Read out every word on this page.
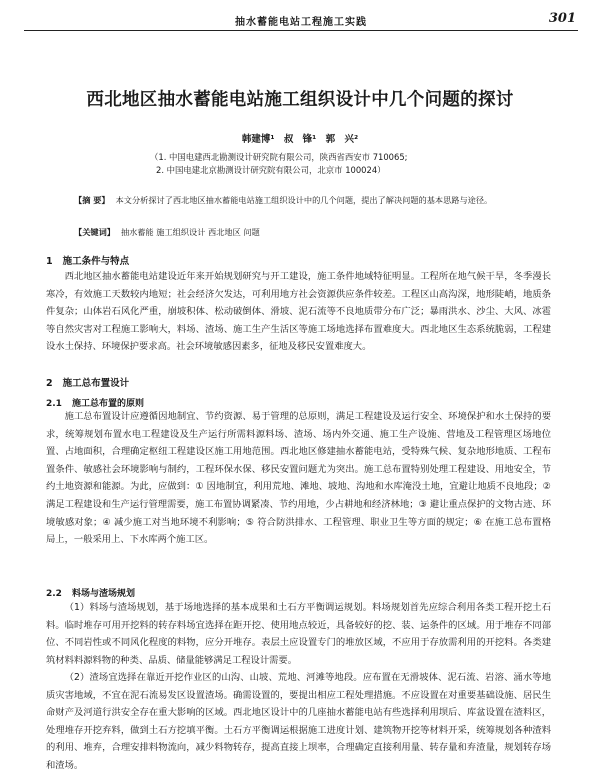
抽水蓄能电站工程施工实践	301
西北地区抽水蓄能电站施工组织设计中几个问题的探讨
韩建博¹ 叔 锋¹ 郭 兴²
（1. 中国电建西北勘测设计研究院有限公司，陕西省西安市 710065;
2. 中国电建北京勘测设计研究院有限公司，北京市 100024）
【摘 要】 本文分析探讨了西北地区抽水蓄能电站施工组织设计中的几个问题，提出了解决问题的基本思路与途径。
【关键词】 抽水蓄能 施工组织设计 西北地区 问题
1 施工条件与特点
西北地区抽水蓄能电站建设近年来开始规划研究与开工建设，施工条件地域特征明显。工程所在地气候干旱，冬季漫长寒冷，有效施工天数较内地短；社会经济欠发达，可利用地方社会资源供应条件较差。工程区山高沟深，地形陡峭，地质条件复杂；山体岩石风化严重，崩坡积体、松动破倒体、滑坡、泥石流等不良地质带分布广泛；暴雨洪水、沙尘、大风、冰雹等自然灾害对工程施工影响大，料场、渣场、施工生产生活区等施工场地选择布置难度大。西北地区生态系统脆弱，工程建设水土保持、环境保护要求高。社会环境敏感因素多，征地及移民安置难度大。
2 施工总布置设计
2.1 施工总布置的原则
施工总布置设计应遵循因地制宜、节约资源、易于管理的总原则，满足工程建设及运行安全、环境保护和水土保持的要求，统筹规划布置水电工程建设及生产运行所需料源料场、渣场、场内外交通、施工生产设施、营地及工程管理区场地位置、占地面积，合理确定枢纽工程建设区施工用地范围。西北地区修建抽水蓄能电站，受特殊气候、复杂地形地质、工程布置条件、敏感社会环境影响与制约，工程环保水保、移民安置问题尤为突出。施工总布置特别处理工程建设、用地安全，节约土地资源和能源。为此，应做到：① 因地制宜，利用荒地、滩地、坡地、沟地和水库淹没土地，宜避让地质不良地段；② 满足工程建设和生产运行管理需要，施工布置协调紧凑、节约用地，少占耕地和经济林地；③ 避让重点保护的文物古迹、环境敏感对象；④ 减少施工对当地环境不利影响；⑤ 符合防洪排水、工程管理、职业卫生等方面的规定；⑥ 在施工总布置格局上，一般采用上、下水库两个施工区。
2.2 料场与渣场规划
（1）料场与渣场规划，基于场地选择的基本成果和土石方平衡调运规划。料场规划首先应综合利用各类工程开挖土石料。临时堆存可用开挖料的转存料场宜选择在距开挖、使用地点较近，具备较好的挖、装、运条件的区域。用于堆存不同部位、不同岩性或不同风化程度的料物，应分开堆存。表层土应设置专门的堆放区域，不应用于存放需利用的开挖料。各类建筑材料料源料物的种类、品质、储量能够满足工程设计需要。
（2）渣场宜选择在靠近开挖作业区的山沟、山坡、荒地、河滩等地段。应布置在无滑坡体、泥石流、岩溶、涌水等地质灾害地域，不宜在泥石流易发区设置渣场。确需设置的，要提出相应工程处理措施。不应设置在对重要基础设施、居民生命财产及河道行洪安全存在重大影响的区域。西北地区设计中的几座抽水蓄能电站有些选择利用坝后、库盆设置在渣料区，处理堆存开挖弃料，做到土石方挖填平衡。土石方平衡调运根据施工进度计划、建筑物开挖等材料开采，统筹规划各种渣料的利用、堆弃，合理安排料物流向，减少料物转存，提高直接上坝率，合理确定直接利用量、转存量和弃渣量，规划转存场和渣场。
